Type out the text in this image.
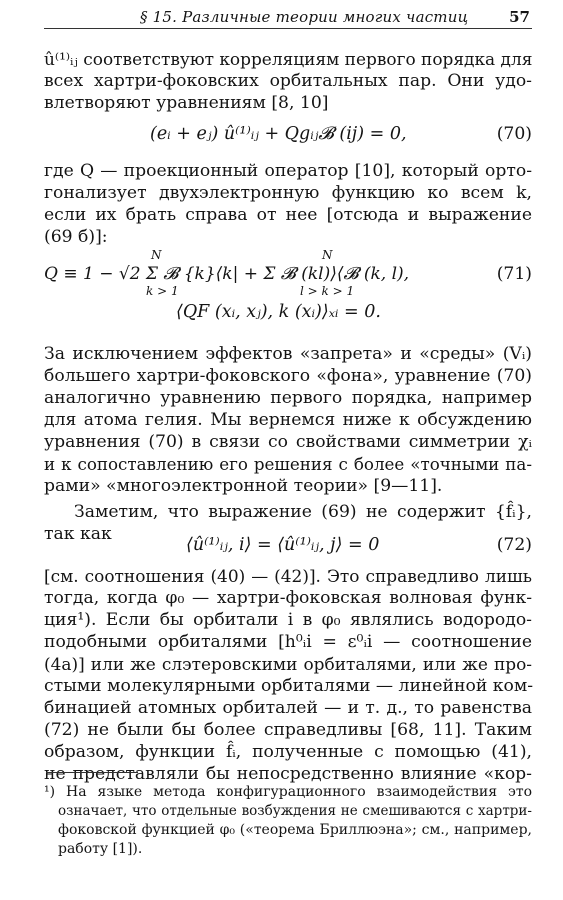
§ 15. Различные теории многих частиц	57
û⁽¹⁾ᵢⱼ соответствуют корреляциям первого порядка для
всех хартри-фоковских орбитальных пар. Они удо-
влетворяют уравнениям [8, 10]
(eᵢ + eⱼ) û⁽¹⁾ᵢⱼ + Qgᵢⱼ𝓑 (ij) = 0,	(70)
где Q — проекционный оператор [10], который орто-
гонализует двухэлектронную функцию ко всем k,
если их брать справа от нее [отсюда и выражение
(69 б)]:
N
k > 1
N
l > k > 1
Q ≡ 1 − √2 Σ 𝓑 {k}⟨k| + Σ 𝓑 (kl)⟩⟨𝓑 (k, l),	(71)
⟨QF (xᵢ, xⱼ), k (xᵢ)⟩ₓᵢ = 0.
За исключением эффектов «запрета» и «среды» (Vᵢ)
большего хартри-фоковского «фона», уравнение (70)
аналогично уравнению первого порядка, например
для атома гелия. Мы вернемся ниже к обсуждению
уравнения (70) в связи со свойствами симметрии χᵢ
и к сопоставлению его решения с более «точными па-
рами» «многоэлектронной теории» [9—11].
Заметим, что выражение (69) не содержит {f̂ᵢ},
так как
⟨û⁽¹⁾ᵢⱼ, i⟩ = ⟨û⁽¹⁾ᵢⱼ, j⟩ = 0	(72)
[см. соотношения (40) — (42)]. Это справедливо лишь
тогда, когда φ₀ — хартри-фоковская волновая функ-
ция¹). Если бы орбитали i в φ₀ являлись водородо-
подобными орбиталями [h⁰ᵢi = ε⁰ᵢi — соотношение
(4а)] или же слэтеровскими орбиталями, или же про-
стыми молекулярными орбиталями — линейной ком-
бинацией атомных орбиталей — и т. д., то равенства
(72) не были бы более справедливы [68, 11]. Таким
образом, функции f̂ᵢ, полученные с помощью (41),
не представляли бы непосредственно влияние «кор-
¹) На языке метода конфигурационного взаимодействия это
означает, что отдельные возбуждения не смешиваются с хартри-
фоковской функцией φ₀ («теорема Бриллюэна»; см., например,
работу [1]).
